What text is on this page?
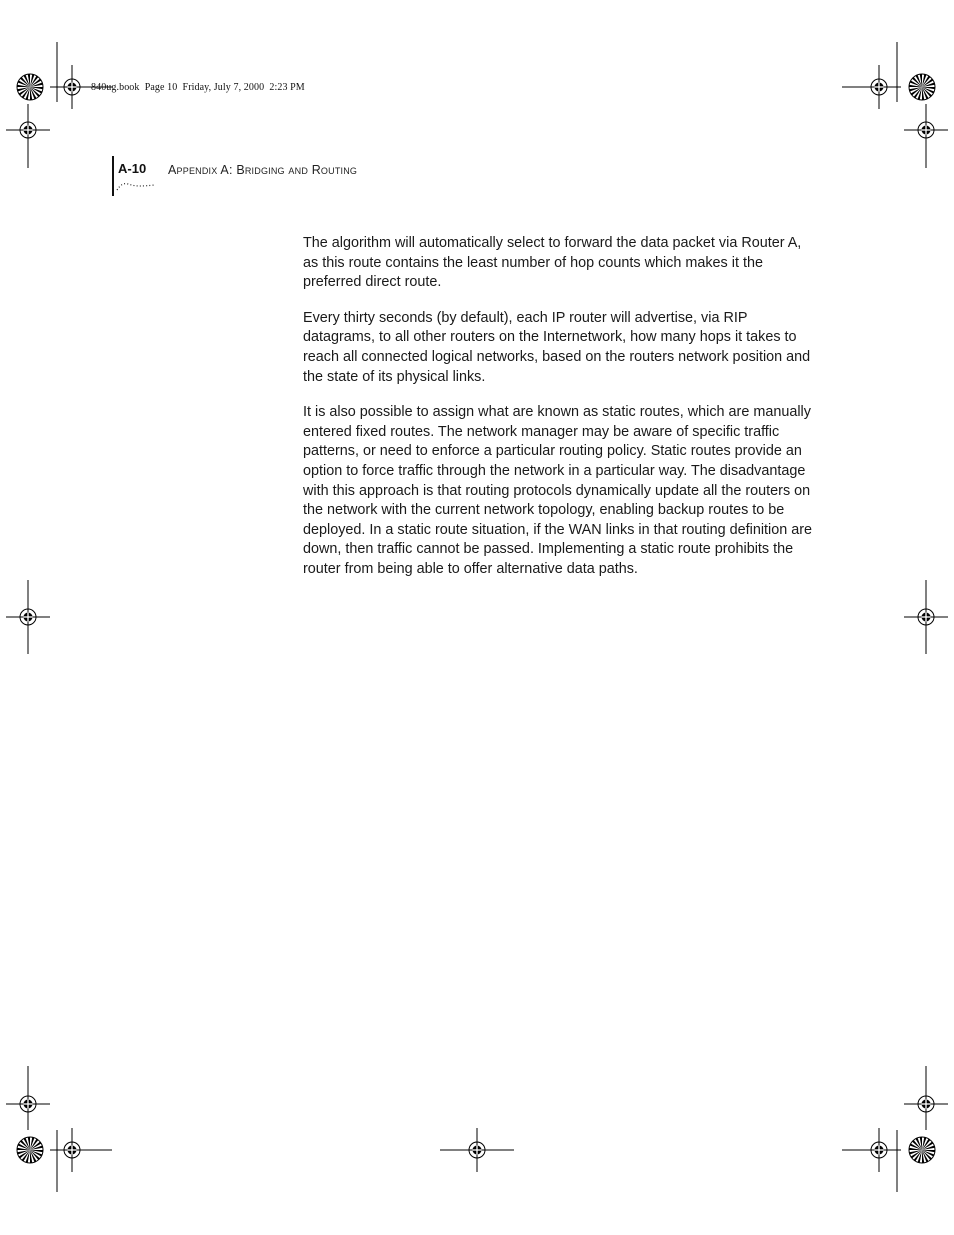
840ug.book  Page 10  Friday, July 7, 2000  2:23 PM
A-10 Appendix A: Bridging and Routing

The algorithm will automatically select to forward the data packet via Router A, as this route contains the least number of hop counts which makes it the preferred direct route.

Every thirty seconds (by default), each IP router will advertise, via RIP datagrams, to all other routers on the Internetwork, how many hops it takes to reach all connected logical networks, based on the routers network position and the state of its physical links.

It is also possible to assign what are known as static routes, which are manually entered fixed routes. The network manager may be aware of specific traffic patterns, or need to enforce a particular routing policy. Static routes provide an option to force traffic through the network in a particular way. The disadvantage with this approach is that routing protocols dynamically update all the routers on the network with the current network topology, enabling backup routes to be deployed. In a static route situation, if the WAN links in that routing definition are down, then traffic cannot be passed. Implementing a static route prohibits the router from being able to offer alternative data paths.
